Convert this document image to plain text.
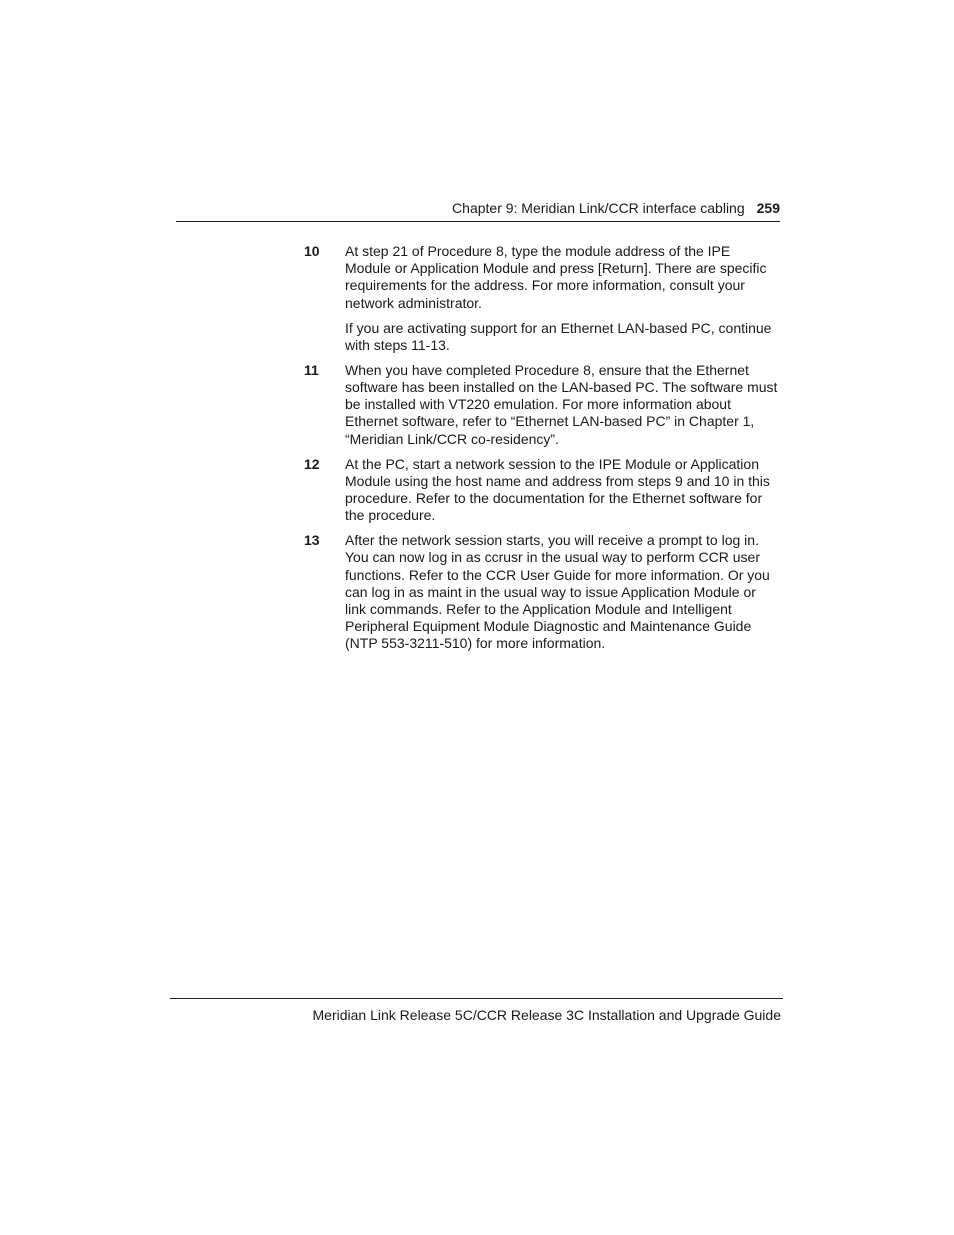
Chapter 9: Meridian Link/CCR interface cabling 259
10 At step 21 of Procedure 8, type the module address of the IPE Module or Application Module and press [Return]. There are specific requirements for the address. For more information, consult your network administrator.

If you are activating support for an Ethernet LAN-based PC, continue with steps 11-13.

11 When you have completed Procedure 8, ensure that the Ethernet software has been installed on the LAN-based PC. The software must be installed with VT220 emulation. For more information about Ethernet software, refer to “Ethernet LAN-based PC” in Chapter 1, “Meridian Link/CCR co-residency”.

12 At the PC, start a network session to the IPE Module or Application Module using the host name and address from steps 9 and 10 in this procedure. Refer to the documentation for the Ethernet software for the procedure.

13 After the network session starts, you will receive a prompt to log in. You can now log in as ccrusr in the usual way to perform CCR user functions. Refer to the CCR User Guide for more information. Or you can log in as maint in the usual way to issue Application Module or link commands. Refer to the Application Module and Intelligent Peripheral Equipment Module Diagnostic and Maintenance Guide (NTP 553-3211-510) for more information.

Meridian Link Release 5C/CCR Release 3C Installation and Upgrade Guide
